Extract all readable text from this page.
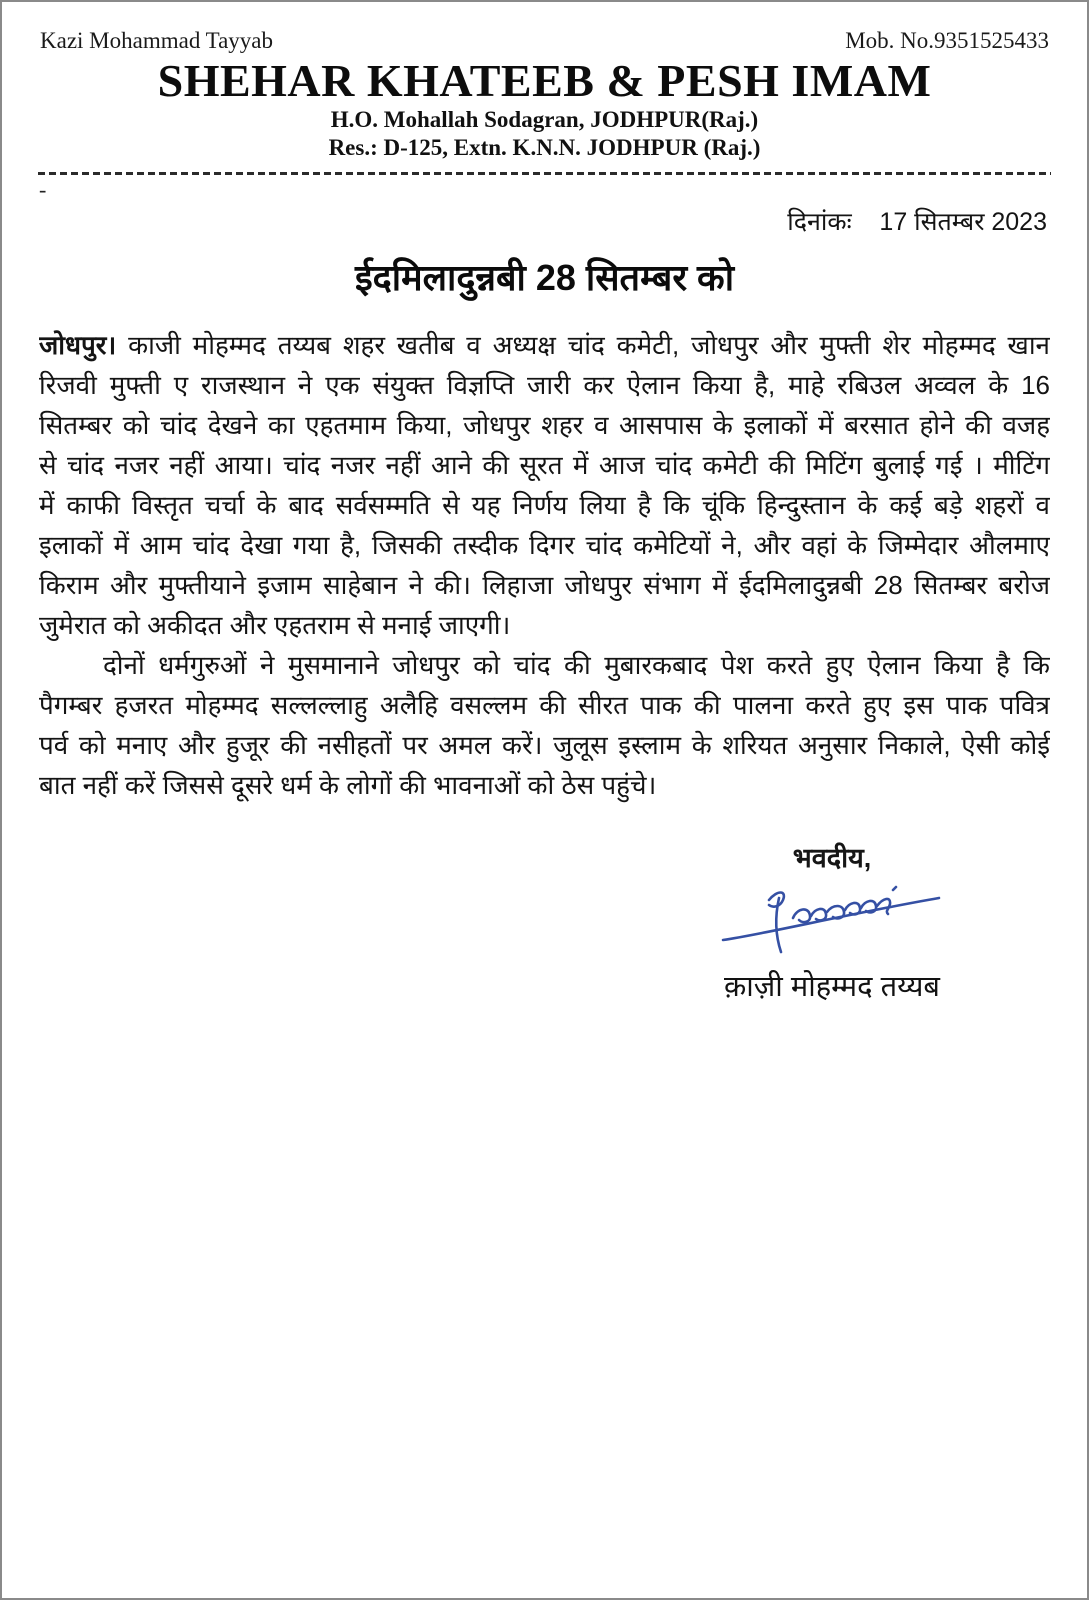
Kazi Mohammad Tayyab	Mob. No.9351525433
SHEHAR KHATEEB & PESH IMAM
H.O. Mohallah Sodagran, JODHPUR(Raj.)
Res.: D-125, Extn. K.N.N. JODHPUR (Raj.)
-
दिनांकः    17 सितम्बर 2023
ईदमिलादुन्नबी 28 सितम्बर को
जोधपुर। काजी मोहम्मद तय्यब शहर खतीब व अध्यक्ष चांद कमेटी, जोधपुर और मुफ्ती शेर मोहम्मद खान
रिजवी मुफ्ती ए राजस्थान ने एक संयुक्त विज्ञप्ति जारी कर ऐलान किया है, माहे रबिउल अव्वल के 16
सितम्बर को चांद देखने का एहतमाम किया, जोधपुर शहर व आसपास के इलाकों में बरसात होने की वजह
से चांद नजर नहीं आया। चांद नजर नहीं आने की सूरत में आज चांद कमेटी की मिटिंग बुलाई गई । मीटिंग
में काफी विस्तृत चर्चा के बाद सर्वसम्मति से यह निर्णय लिया है कि चूंकि हिन्दुस्तान के कई बड़े शहरों व
इलाकों में आम चांद देखा गया है, जिसकी तस्दीक दिगर चांद कमेटियों ने, और वहां के जिम्मेदार औलमाए
किराम और मुफ्तीयाने इजाम साहेबान ने की। लिहाजा जोधपुर संभाग में ईदमिलादुन्नबी 28 सितम्बर बरोज
जुमेरात को अकीदत और एहतराम से मनाई जाएगी।
दोनों धर्मगुरुओं ने मुसमानाने जोधपुर को चांद की मुबारकबाद पेश करते हुए ऐलान किया है कि
पैगम्बर हजरत मोहम्मद सल्लल्लाहु अलैहि वसल्लम की सीरत पाक की पालना करते हुए इस पाक पवित्र
पर्व को मनाए और हुजूर की नसीहतों पर अमल करें। जुलूस इस्लाम के शरियत अनुसार निकाले, ऐसी कोई
बात नहीं करें जिससे दूसरे धर्म के लोगों की भावनाओं को ठेस पहुंचे।
भवदीय,
क़ाज़ी मोहम्मद तय्यब
